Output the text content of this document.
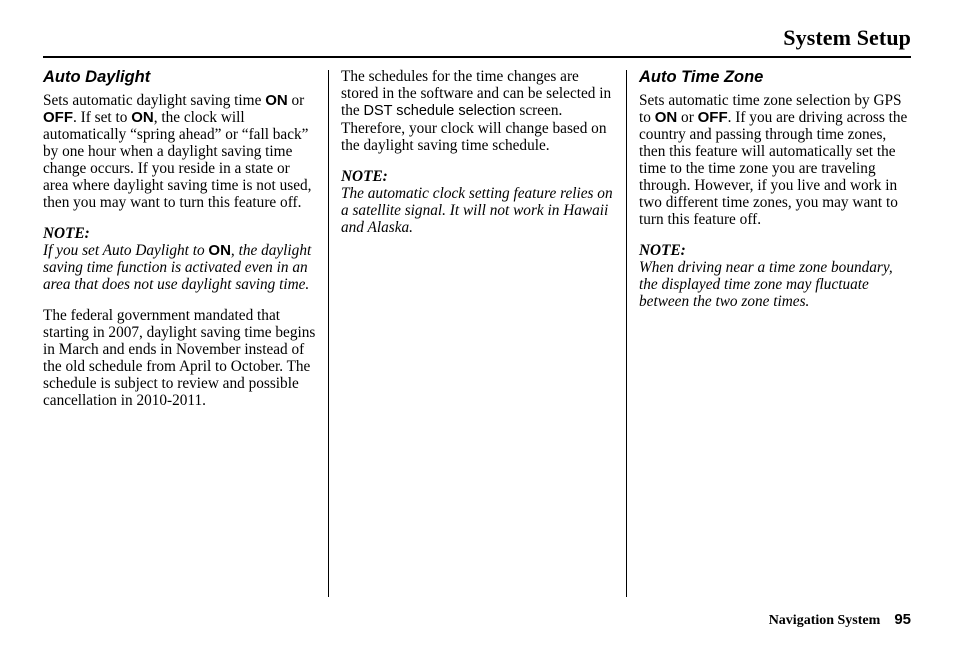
System Setup
Auto Daylight

Sets automatic daylight saving time ON or OFF. If set to ON, the clock will automatically “spring ahead” or “fall back” by one hour when a daylight saving time change occurs. If you reside in a state or area where daylight saving time is not used, then you may want to turn this feature off.

NOTE:

If you set Auto Daylight to ON, the daylight saving time function is activated even in an area that does not use daylight saving time.

The federal government mandated that starting in 2007, daylight saving time begins in March and ends in November instead of the old schedule from April to October. The schedule is subject to review and possible cancellation in 2010-2011.

The schedules for the time changes are stored in the software and can be selected in the DST schedule selection screen. Therefore, your clock will change based on the daylight saving time schedule.

NOTE:

The automatic clock setting feature relies on a satellite signal. It will not work in Hawaii and Alaska.

Auto Time Zone

Sets automatic time zone selection by GPS to ON or OFF. If you are driving across the country and passing through time zones, then this feature will automatically set the time to the time zone you are traveling through. However, if you live and work in two different time zones, you may want to turn this feature off.

NOTE:

When driving near a time zone boundary, the displayed time zone may fluctuate between the two zone times.

Navigation System 95
